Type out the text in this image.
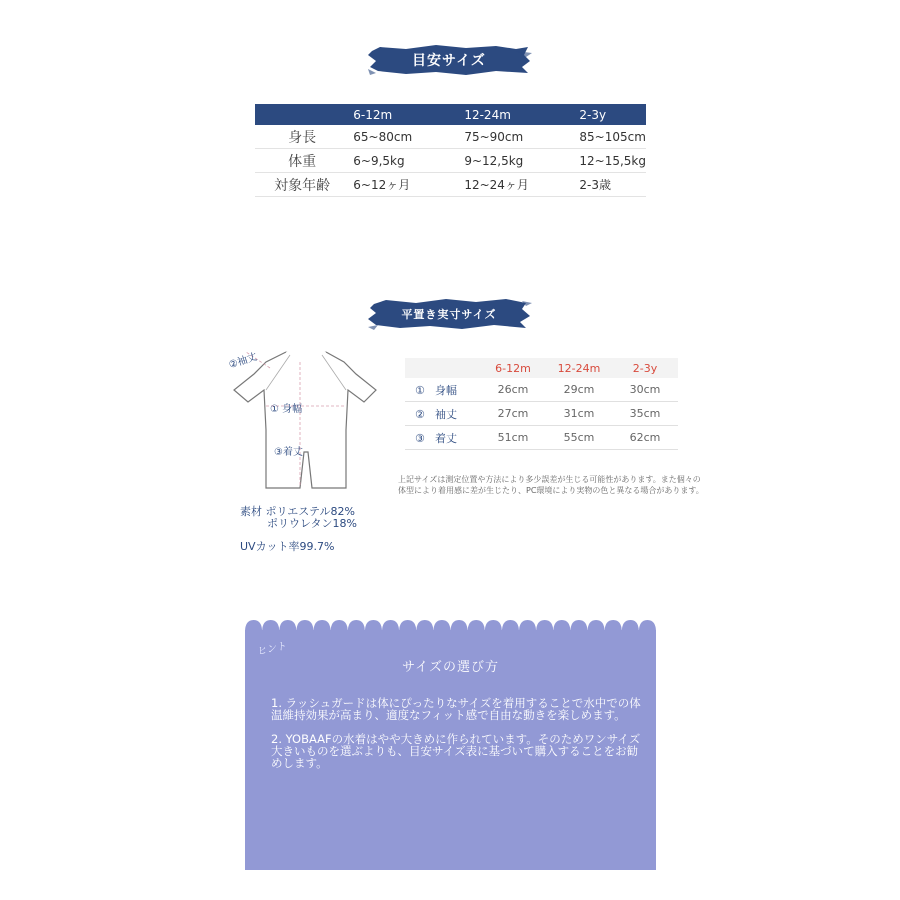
目安サイズ
	6-12m	12-24m	2-3y
身長	65~80cm	75~90cm	85~105cm
体重	6~9,5kg	9~12,5kg	12~15,5kg
対象年齢	6~12ヶ月	12~24ヶ月	2-3歳
平置き実寸サイズ
②袖丈
① 身幅
③着丈
	6-12m	12-24m	2-3y
① 身幅	26cm	29cm	30cm
② 袖丈	27cm	31cm	35cm
③ 着丈	51cm	55cm	62cm
上記サイズは測定位置や方法により多少誤差が生じる可能性があります。また個々の体型により着用感に差が生じたり、PC環境により実物の色と異なる場合があります。
素材 ポリエステル82%
ポリウレタン18%
UVカット率99.7%
ヒント
サイズの選び方

1. ラッシュガードは体にぴったりなサイズを着用することで水中での体温維持効果が高まり、適度なフィット感で自由な動きを楽しめます。

2. YOBAAFの水着はやや大きめに作られています。そのためワンサイズ大きいものを選ぶよりも、目安サイズ表に基づいて購入することをお勧めします。
